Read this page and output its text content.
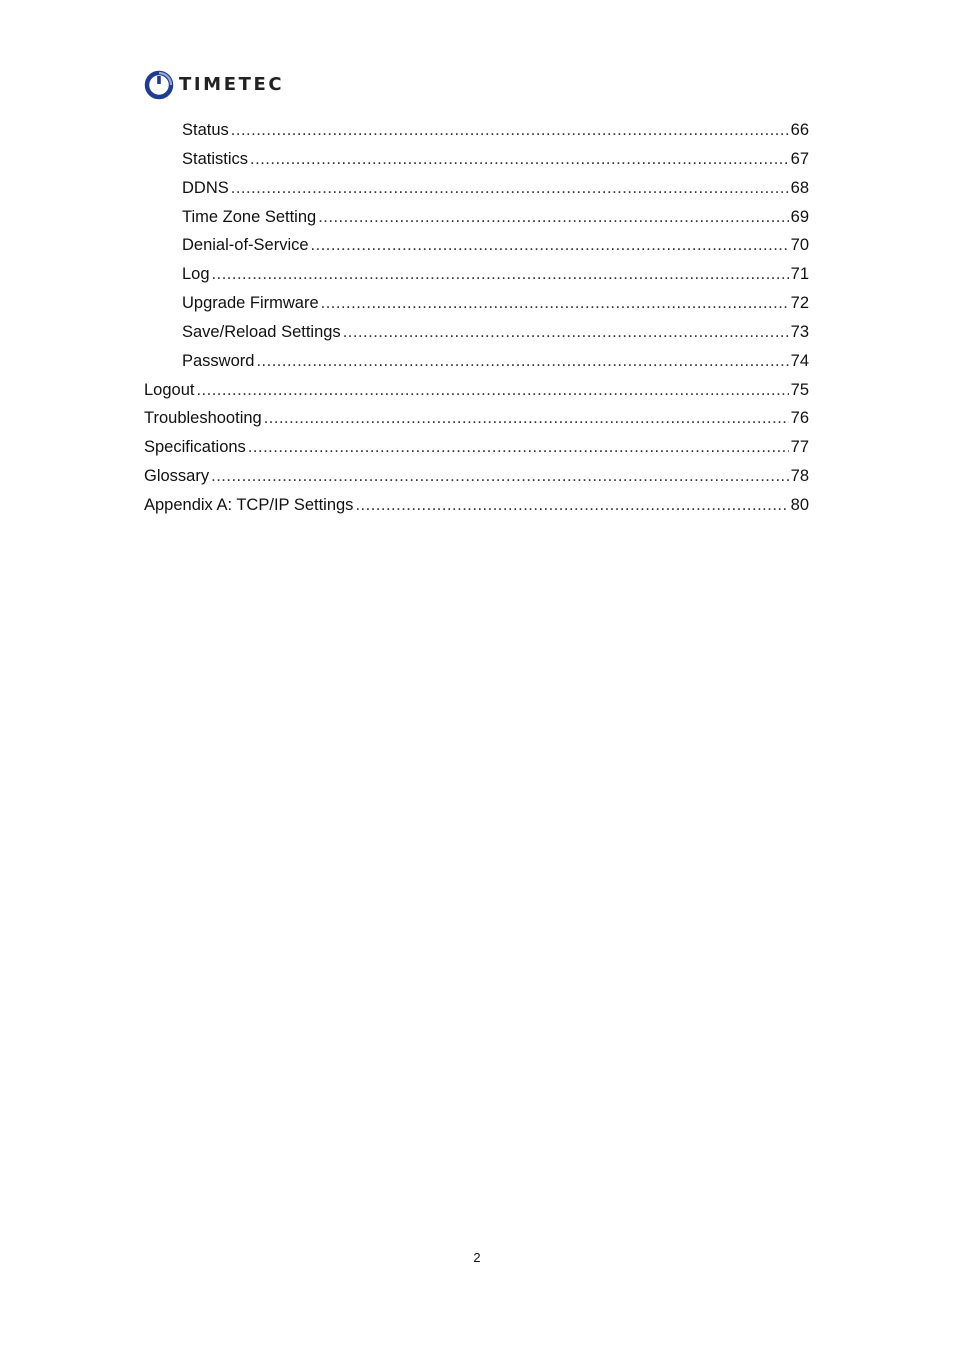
TIMETEC
Status .....	66
Statistics .....	67
DDNS .....	68
Time Zone Setting .....	69
Denial-of-Service .....	70
Log .....	71
Upgrade Firmware .....	72
Save/Reload Settings .....	73
Password .....	74
Logout .....	75
Troubleshooting .....	76
Specifications .....	77
Glossary .....	78
Appendix A: TCP/IP Settings .....	80
2
